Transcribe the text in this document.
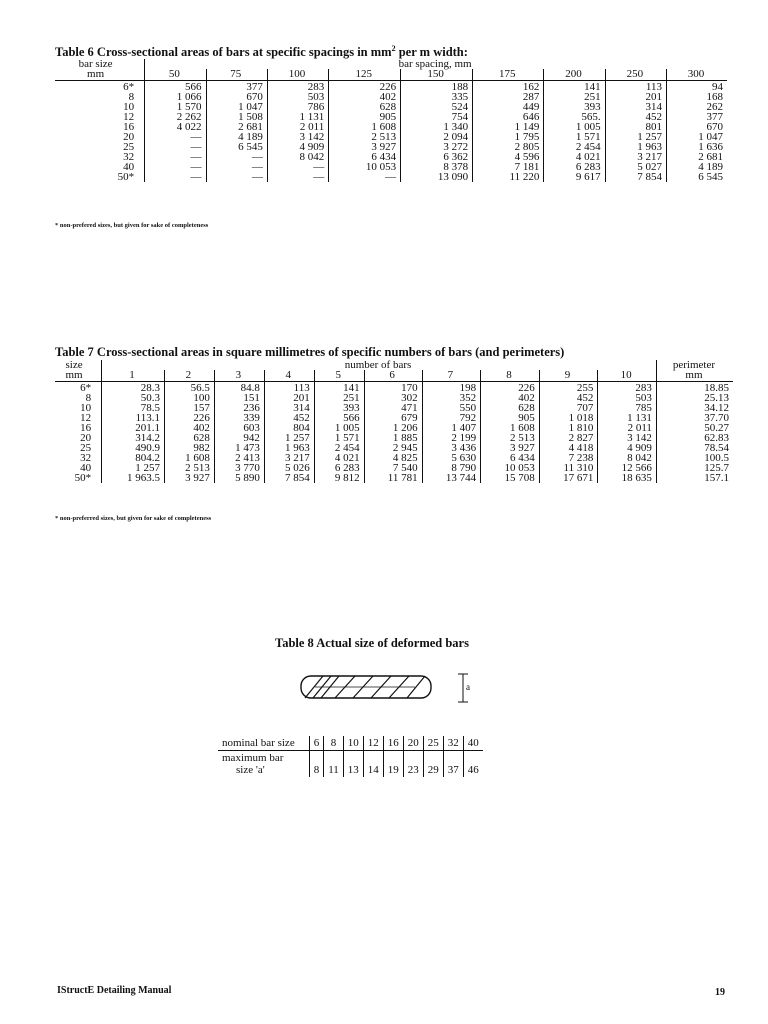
Table 6 Cross-sectional areas of bars at specific spacings in $mm^2$ per m width:
bar size	bar spacing, mm								
mm	50	75	100	125	150	175	200	250	300
6*	566	377	283	226	188	162	141	113	94
8	1 066	670	503	402	335	287	251	201	168
10	1 570	1 047	786	628	524	449	393	314	262
12	2 262	1 508	1 131	905	754	646	565.	452	377
16	4 022	2 681	2 011	1 608	1 340	1 149	1 005	801	670
20	—	4 189	3 142	2 513	2 094	1 795	1 571	1 257	1 047
25	—	6 545	4 909	3 927	3 272	2 805	2 454	1 963	1 636
32	—	—	8 042	6 434	6 362	4 596	4 021	3 217	2 681
40	—	—	—	10 053	8 378	7 181	6 283	5 027	4 189
50*	—	—	—	—	13 090	11 220	9 617	7 854	6 545
* non-prefered sizes, but given for sake of completeness
Table 7 Cross-sectional areas in square millimetres of specific numbers of bars (and perimeters)
size	number of bars										perimeter
mm	1	2	3	4	5	6	7	8	9	10	mm
6*	28.3	56.5	84.8	113	141	170	198	226	255	283	18.85
8	50.3	100	151	201	251	302	352	402	452	503	25.13
10	78.5	157	236	314	393	471	550	628	707	785	34.12
12	113.1	226	339	452	566	679	792	905	1 018	1 131	37.70
16	201.1	402	603	804	1 005	1 206	1 407	1 608	1 810	2 011	50.27
20	314.2	628	942	1 257	1 571	1 885	2 199	2 513	2 827	3 142	62.83
25	490.9	982	1 473	1 963	2 454	2 945	3 436	3 927	4 418	4 909	78.54
32	804.2	1 608	2 413	3 217	4 021	4 825	5 630	6 434	7 238	8 042	100.5
40	1 257	2 513	3 770	5 026	6 283	7 540	8 790	10 053	11 310	12 566	125.7
50*	1 963.5	3 927	5 890	7 854	9 812	11 781	13 744	15 708	17 671	18 635	157.1
* non-preferred sizes, but given for sake of completeness
Table 8 Actual size of deformed bars
a
nominal bar size	6	8	10	12	16	20	25	32	40
maximum bar
size 'a'	8	11	13	14	19	23	29	37	46
IStructE Detailing Manual	19
